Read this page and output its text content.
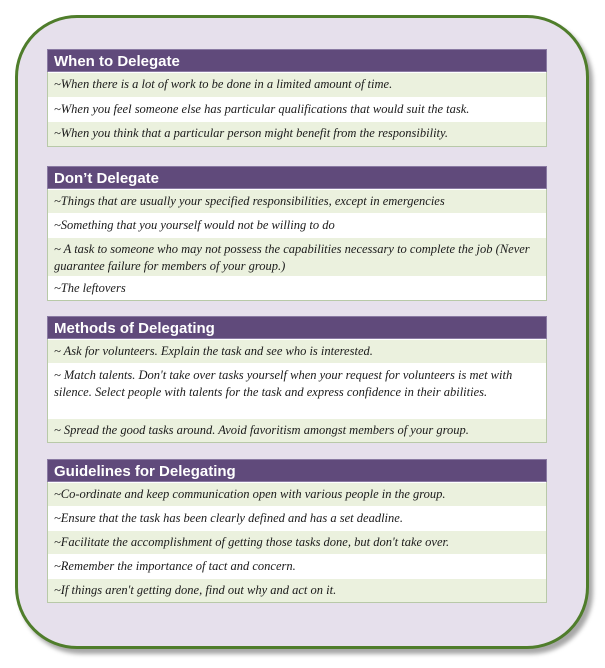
When to Delegate
~When there is a lot of work to be done in a limited amount of time.
~When you feel someone else has particular qualifications that would suit the task.
~When you think that a particular person might benefit from the responsibility.
Don’t Delegate
~Things that are usually your specified responsibilities, except in emergencies
~Something that you yourself would not be willing to do
~ A task to someone who may not possess the capabilities necessary to complete the job (Never guarantee failure for members of your group.)
~The leftovers
Methods of Delegating
~ Ask for volunteers. Explain the task and see who is interested.
~ Match talents. Don't take over tasks yourself when your request for volunteers is met with silence. Select people with talents for the task and express confidence in their abilities.
~ Spread the good tasks around. Avoid favoritism amongst members of your group.
Guidelines for Delegating
~Co-ordinate and keep communication open with various people in the group.
~Ensure that the task has been clearly defined and has a set deadline.
~Facilitate the accomplishment of getting those tasks done, but don't take over.
~Remember the importance of tact and concern.
~If things aren't getting done, find out why and act on it.
